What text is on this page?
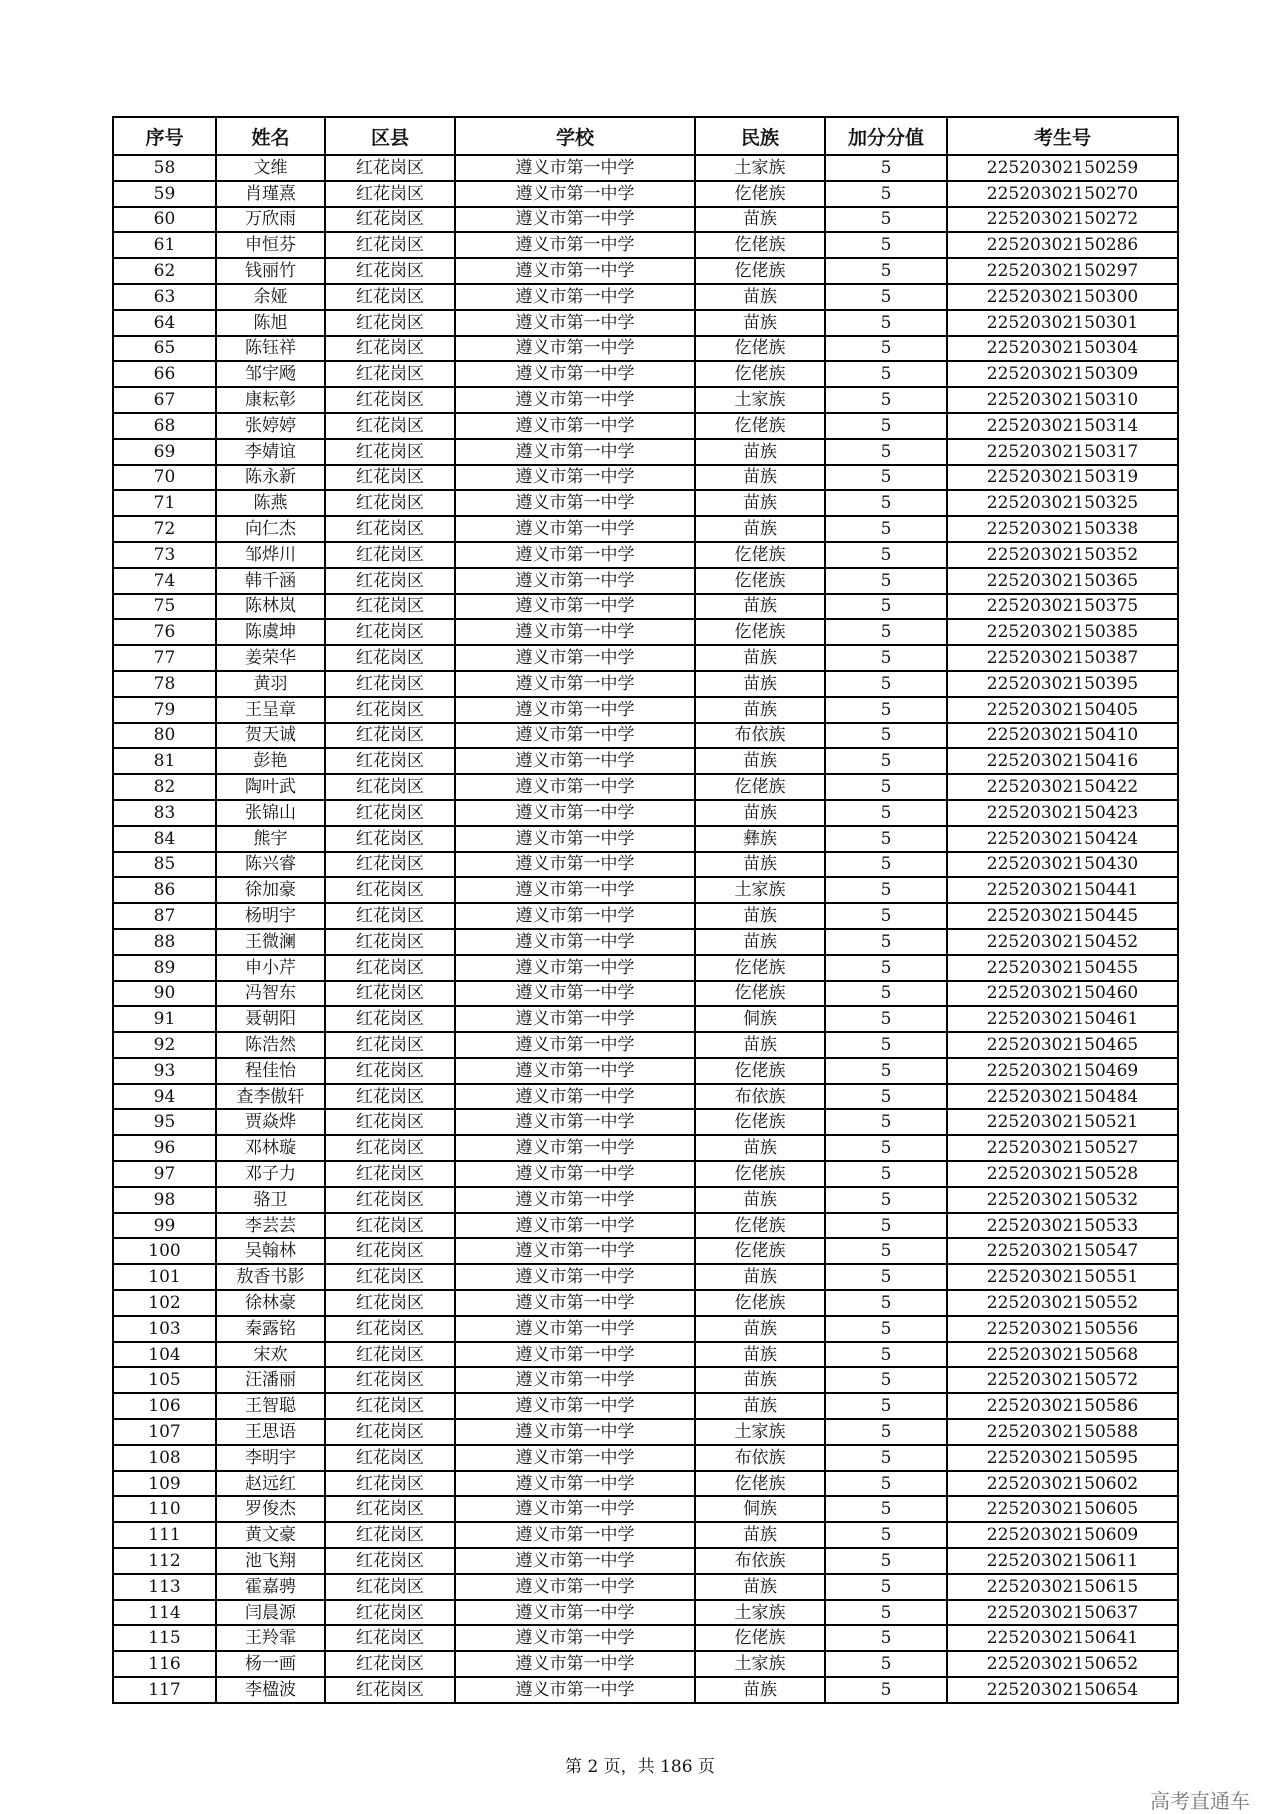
序号	姓名	区县	学校	民族	加分分值	考生号
58	文维	红花岗区	遵义市第一中学	土家族	5	22520302150259
59	肖瑾熹	红花岗区	遵义市第一中学	仡佬族	5	22520302150270
60	万欣雨	红花岗区	遵义市第一中学	苗族	5	22520302150272
61	申恒芬	红花岗区	遵义市第一中学	仡佬族	5	22520302150286
62	钱丽竹	红花岗区	遵义市第一中学	仡佬族	5	22520302150297
63	余娅	红花岗区	遵义市第一中学	苗族	5	22520302150300
64	陈旭	红花岗区	遵义市第一中学	苗族	5	22520302150301
65	陈钰祥	红花岗区	遵义市第一中学	仡佬族	5	22520302150304
66	邹宇飏	红花岗区	遵义市第一中学	仡佬族	5	22520302150309
67	康耘彰	红花岗区	遵义市第一中学	土家族	5	22520302150310
68	张婷婷	红花岗区	遵义市第一中学	仡佬族	5	22520302150314
69	李婧谊	红花岗区	遵义市第一中学	苗族	5	22520302150317
70	陈永新	红花岗区	遵义市第一中学	苗族	5	22520302150319
71	陈燕	红花岗区	遵义市第一中学	苗族	5	22520302150325
72	向仁杰	红花岗区	遵义市第一中学	苗族	5	22520302150338
73	邹烨川	红花岗区	遵义市第一中学	仡佬族	5	22520302150352
74	韩千涵	红花岗区	遵义市第一中学	仡佬族	5	22520302150365
75	陈林岚	红花岗区	遵义市第一中学	苗族	5	22520302150375
76	陈虞坤	红花岗区	遵义市第一中学	仡佬族	5	22520302150385
77	姜荣华	红花岗区	遵义市第一中学	苗族	5	22520302150387
78	黄羽	红花岗区	遵义市第一中学	苗族	5	22520302150395
79	王呈章	红花岗区	遵义市第一中学	苗族	5	22520302150405
80	贺天诚	红花岗区	遵义市第一中学	布依族	5	22520302150410
81	彭艳	红花岗区	遵义市第一中学	苗族	5	22520302150416
82	陶叶武	红花岗区	遵义市第一中学	仡佬族	5	22520302150422
83	张锦山	红花岗区	遵义市第一中学	苗族	5	22520302150423
84	熊宇	红花岗区	遵义市第一中学	彝族	5	22520302150424
85	陈兴睿	红花岗区	遵义市第一中学	苗族	5	22520302150430
86	徐加豪	红花岗区	遵义市第一中学	土家族	5	22520302150441
87	杨明宇	红花岗区	遵义市第一中学	苗族	5	22520302150445
88	王微澜	红花岗区	遵义市第一中学	苗族	5	22520302150452
89	申小芹	红花岗区	遵义市第一中学	仡佬族	5	22520302150455
90	冯智东	红花岗区	遵义市第一中学	仡佬族	5	22520302150460
91	聂朝阳	红花岗区	遵义市第一中学	侗族	5	22520302150461
92	陈浩然	红花岗区	遵义市第一中学	苗族	5	22520302150465
93	程佳怡	红花岗区	遵义市第一中学	仡佬族	5	22520302150469
94	查李傲轩	红花岗区	遵义市第一中学	布依族	5	22520302150484
95	贾焱烨	红花岗区	遵义市第一中学	仡佬族	5	22520302150521
96	邓林璇	红花岗区	遵义市第一中学	苗族	5	22520302150527
97	邓子力	红花岗区	遵义市第一中学	仡佬族	5	22520302150528
98	骆卫	红花岗区	遵义市第一中学	苗族	5	22520302150532
99	李芸芸	红花岗区	遵义市第一中学	仡佬族	5	22520302150533
100	吴翰林	红花岗区	遵义市第一中学	仡佬族	5	22520302150547
101	敖香书影	红花岗区	遵义市第一中学	苗族	5	22520302150551
102	徐林豪	红花岗区	遵义市第一中学	仡佬族	5	22520302150552
103	秦露铭	红花岗区	遵义市第一中学	苗族	5	22520302150556
104	宋欢	红花岗区	遵义市第一中学	苗族	5	22520302150568
105	汪潘丽	红花岗区	遵义市第一中学	苗族	5	22520302150572
106	王智聪	红花岗区	遵义市第一中学	苗族	5	22520302150586
107	王思语	红花岗区	遵义市第一中学	土家族	5	22520302150588
108	李明宇	红花岗区	遵义市第一中学	布依族	5	22520302150595
109	赵远红	红花岗区	遵义市第一中学	仡佬族	5	22520302150602
110	罗俊杰	红花岗区	遵义市第一中学	侗族	5	22520302150605
111	黄文豪	红花岗区	遵义市第一中学	苗族	5	22520302150609
112	池飞翔	红花岗区	遵义市第一中学	布依族	5	22520302150611
113	霍嘉骋	红花岗区	遵义市第一中学	苗族	5	22520302150615
114	闫晨源	红花岗区	遵义市第一中学	土家族	5	22520302150637
115	王羚霏	红花岗区	遵义市第一中学	仡佬族	5	22520302150641
116	杨一画	红花岗区	遵义市第一中学	土家族	5	22520302150652
117	李楹波	红花岗区	遵义市第一中学	苗族	5	22520302150654
第 2 页，共 186 页
高考直通车
